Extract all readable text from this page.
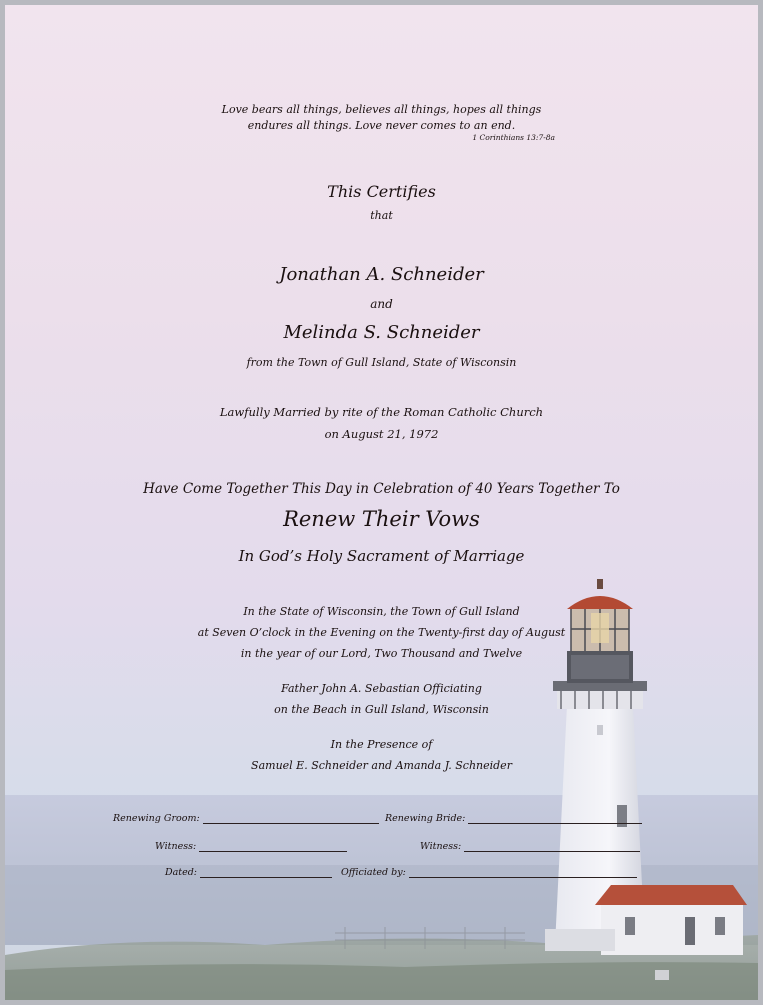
Love bears all things, believes all things, hopes all things
endures all things. Love never comes to an end.
1 Corinthians 13:7-8a
This Certifies
that
Jonathan A. Schneider
and
Melinda S. Schneider
from the Town of Gull Island, State of Wisconsin
Lawfully Married by rite of the Roman Catholic Church
on August 21, 1972
Have Come Together This Day in Celebration of 40 Years Together To
Renew Their Vows
In God’s Holy Sacrament of Marriage
In the State of Wisconsin, the Town of Gull Island
at Seven O’clock in the Evening on the Twenty-first day of August
in the year of our Lord, Two Thousand and Twelve
Father John A. Sebastian Officiating
on the Beach in Gull Island, Wisconsin
In the Presence of
Samuel E. Schneider and Amanda J. Schneider
Renewing Groom:	Renewing Bride:
Witness:	Witness:
Dated:	Officiated by:
